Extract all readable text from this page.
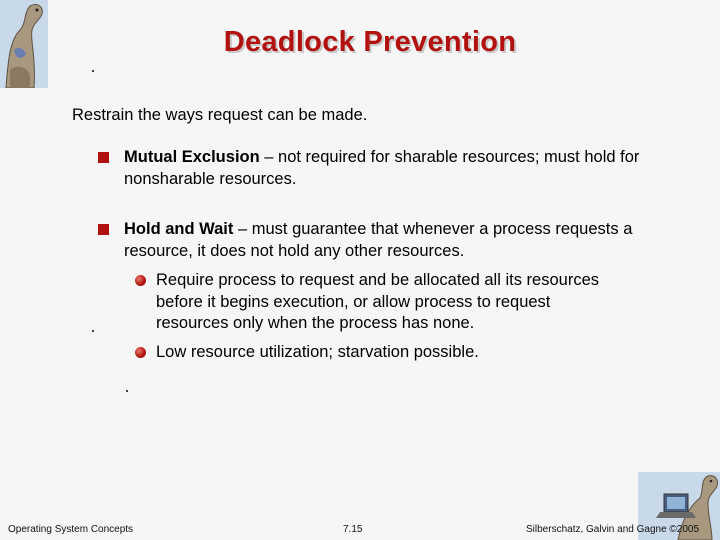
Deadlock Prevention
Restrain the ways request can be made.
Mutual Exclusion – not required for sharable resources; must hold for nonsharable resources.
Hold and Wait – must guarantee that whenever a process requests a resource, it does not hold any other resources.
Require process to request and be allocated all its resources before it begins execution, or allow process to request resources only when the process has none.
Low resource utilization; starvation possible.
Operating System Concepts	7.15	Silberschatz, Galvin and Gagne ©2005
